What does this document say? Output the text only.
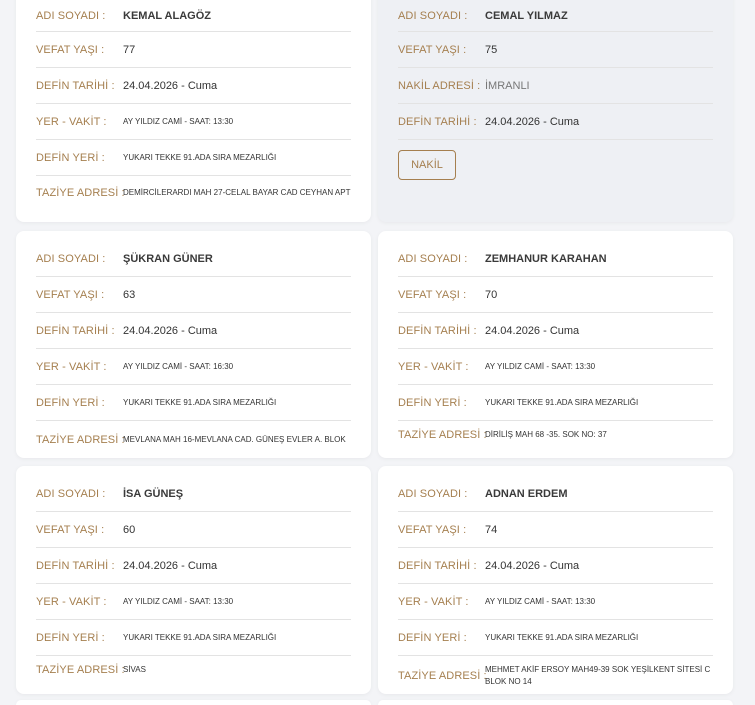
ADI SOYADI :	KEMAL ALAGÖZ
VEFAT YAŞI :	77
DEFİN TARİHİ : 24.04.2026 - Cuma
YER - VAKİT :	AY YILDIZ CAMİ - SAAT: 13:30
DEFİN YERİ :	YUKARI TEKKE 91.ADA SIRA MEZARLIĞI
TAZİYE ADRESİ :
DEMİRCİLERARDI MAH 27-CELAL BAYAR CAD CEYHAN APT
ADI SOYADI :	CEMAL YILMAZ
VEFAT YAŞI :	75
NAKİL ADRESİ : İMRANLI
DEFİN TARİHİ : 24.04.2026 - Cuma
NAKİL
ADI SOYADI :	ŞÜKRAN GÜNER
VEFAT YAŞI :	63
DEFİN TARİHİ : 24.04.2026 - Cuma
YER - VAKİT :	AY YILDIZ CAMİ - SAAT: 16:30
DEFİN YERİ :	YUKARI TEKKE 91.ADA SIRA MEZARLIĞI
TAZİYE ADRESİ :
MEVLANA MAH 16-MEVLANA CAD. GÜNEŞ EVLER A. BLOK
ADI SOYADI :	ZEMHANUR KARAHAN
VEFAT YAŞI :	70
DEFİN TARİHİ : 24.04.2026 - Cuma
YER - VAKİT :	AY YILDIZ CAMİ - SAAT: 13:30
DEFİN YERİ :	YUKARI TEKKE 91.ADA SIRA MEZARLIĞI
TAZİYE ADRESİ :
DİRİLİŞ MAH 68 -35. SOK NO: 37
ADI SOYADI :	İSA GÜNEŞ
VEFAT YAŞI :	60
DEFİN TARİHİ : 24.04.2026 - Cuma
YER - VAKİT :	AY YILDIZ CAMİ - SAAT: 13:30
DEFİN YERİ :	YUKARI TEKKE 91.ADA SIRA MEZARLIĞI
TAZİYE ADRESİ :
SİVAS
ADI SOYADI :	ADNAN ERDEM
VEFAT YAŞI :	74
DEFİN TARİHİ : 24.04.2026 - Cuma
YER - VAKİT :	AY YILDIZ CAMİ - SAAT: 13:30
DEFİN YERİ :	YUKARI TEKKE 91.ADA SIRA MEZARLIĞI
TAZİYE ADRESİ :
MEHMET AKİF ERSOY MAH49-39 SOK YEŞİLKENT SİTESİ C BLOK NO 14
